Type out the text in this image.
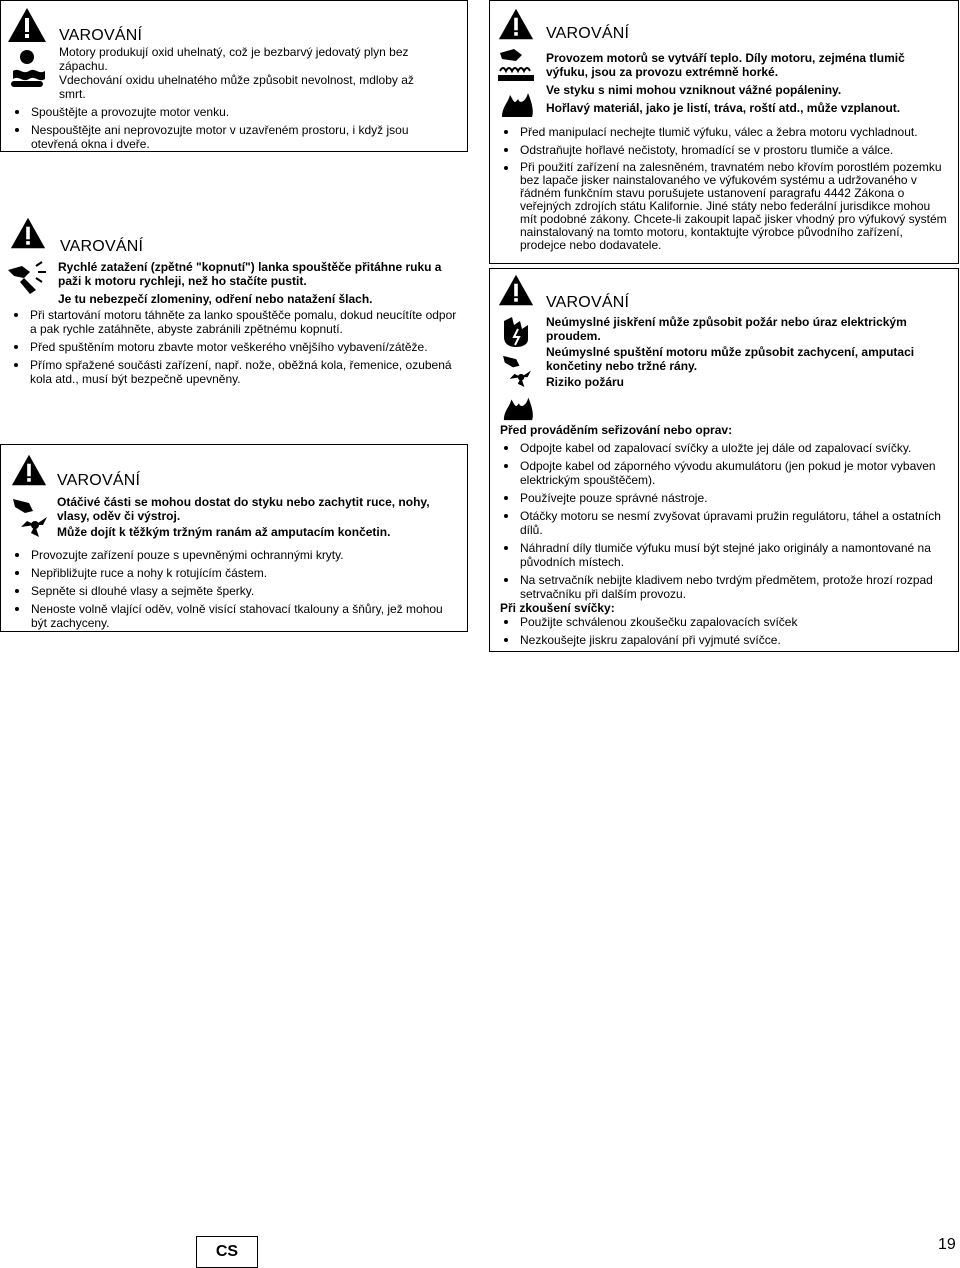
VAROVÁNÍ

Motory produkují oxid uhelnatý, což je bezbarvý jedovatý plyn bez

zápachu.

Vdechování oxidu uhelnatého může způsobit nevolnost, mdloby až

smrt.

Spouštějte a provozujte motor venku.
Nespouštějte ani neprovozujte motor v uzavřeném prostoru, i když jsou otevřená okna i dveře.
VAROVÁNÍ

Rychlé zatažení (zpětné "kopnutí") lanka spouštěče přitáhne ruku a paži k motoru rychleji, než ho stačíte pustit.

Je tu nebezpečí zlomeniny, odření nebo natažení šlach.

Při startování motoru táhněte za lanko spouštěče pomalu, dokud neucítíte odpor a pak rychle zatáhněte, abyste zabránili zpětnému kopnutí.
Před spuštěním motoru zbavte motor veškerého vnějšího vybavení/zátěže.
Přímo spřažené součásti zařízení, např. nože, oběžná kola, řemenice, ozubená kola atd., musí být bezpečně upevněny.
VAROVÁNÍ

Otáčivé části se mohou dostat do styku nebo zachytit ruce, nohy, vlasy, oděv či výstroj.

Může dojít k těžkým tržným ranám až amputacím končetin.

Provozujte zařízení pouze s upevněnými ochrannými kryty.
Nepřibližujte ruce a nohy k rotujícím částem.
Sepněte si dlouhé vlasy a sejměte šperky.
Neноste volně vlající oděv, volně visící stahovací tkalouny a šňůry, jež mohou být zachyceny.
VAROVÁNÍ

Provozem motorů se vytváří teplo. Díly motoru, zejména tlumič výfuku, jsou za provozu extrémně horké.

Ve styku s nimi mohou vzniknout vážné popáleniny.

Hořlavý materiál, jako je listí, tráva, roští atd., může vzplanout.

Před manipulací nechejte tlumič výfuku, válec a žebra motoru vychladnout.
Odstraňujte hořlavé nečistoty, hromadící se v prostoru tlumiče a válce.
Při použití zařízení na zalesněném, travnatém nebo křovím porostlém pozemku bez lapače jisker nainstalovaného ve výfukovém systému a udržovaného v řádném funkčním stavu porušujete ustanovení paragrafu 4442 Zákona o veřejných zdrojích státu Kalifornie. Jiné státy nebo federální jurisdikce mohou mít podobné zákony. Chcete-li zakoupit lapač jisker vhodný pro výfukový systém nainstalovaný na tomto motoru, kontaktujte výrobce původního zařízení, prodejce nebo dodavatele.
VAROVÁNÍ

Neúmyslné jiskření může způsobit požár nebo úraz elektrickým proudem.

Neúmyslné spuštění motoru může způsobit zachycení, amputaci končetiny nebo tržné rány.

Riziko požáru

Před prováděním seřizování nebo oprav:
Odpojte kabel od zapalovací svíčky a uložte jej dále od zapalovací svíčky.
Odpojte kabel od záporného vývodu akumulátoru (jen pokud je motor vybaven elektrickým spouštěčem).
Používejte pouze správné nástroje.
Otáčky motoru se nesmí zvyšovat úpravami pružin regulátoru, táhel a ostatních dílů.
Náhradní díly tlumiče výfuku musí být stejné jako originály a namontované na původních místech.
Na setrvačník nebijte kladivem nebo tvrdým předmětem, protože hrozí rozpad setrvačníku při dalším provozu.
Při zkoušení svíčky:
Použijte schválenou zkoušečku zapalovacích svíček
Nezkoušejte jiskru zapalování při vyjmuté svíčce.
CS	19
